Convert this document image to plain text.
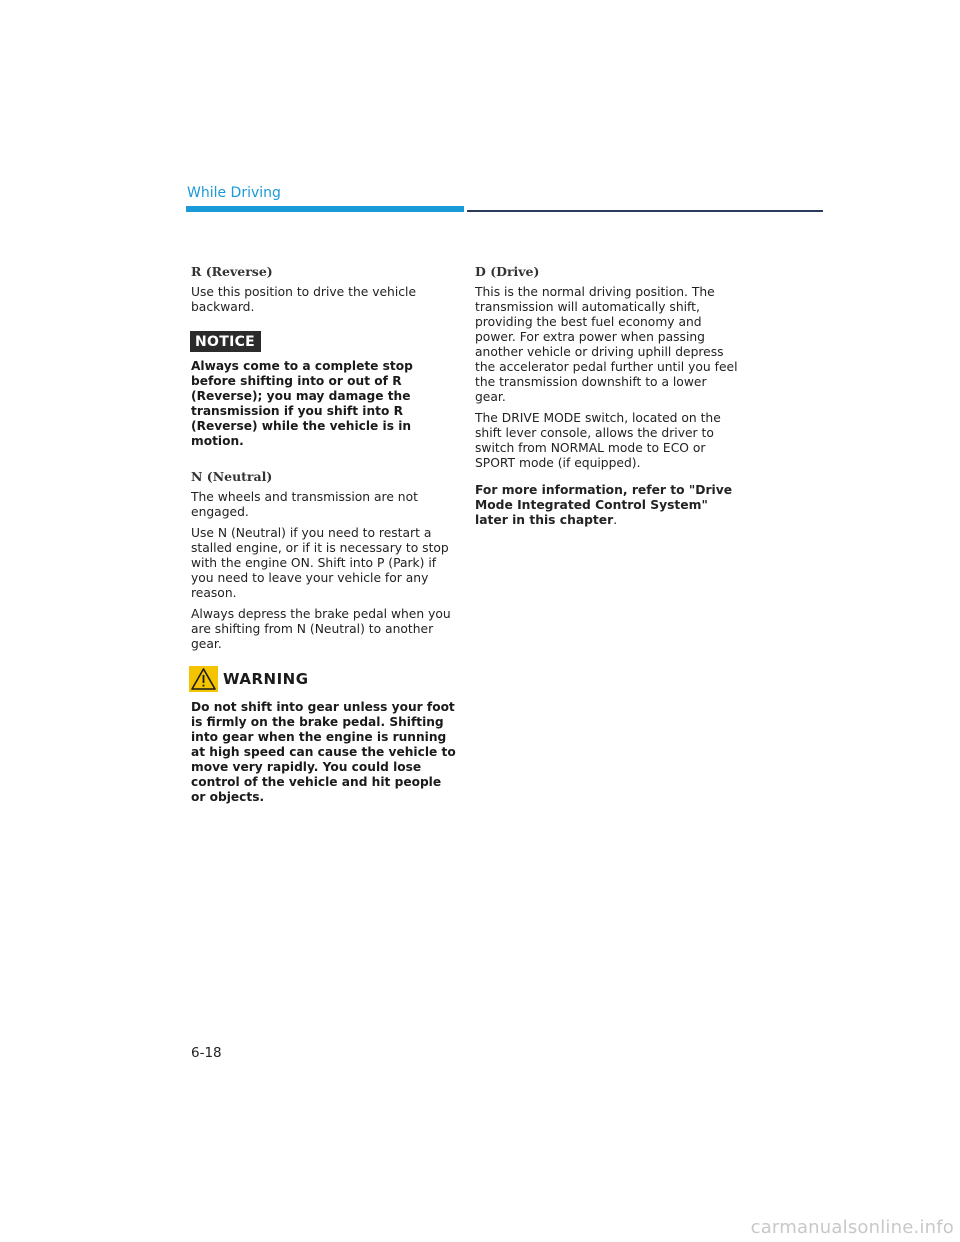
While Driving
R (Reverse)

Use this position to drive the vehicle backward.

NOTICE
Always come to a complete stop before shifting into or out of R (Reverse); you may damage the transmission if you shift into R (Reverse) while the vehicle is in motion.
N (Neutral)

The wheels and transmission are not engaged.

Use N (Neutral) if you need to restart a stalled engine, or if it is necessary to stop with the engine ON. Shift into P (Park) if you need to leave your vehicle for any reason.

Always depress the brake pedal when you are shifting from N (Neutral) to another gear.

WARNING
Do not shift into gear unless your foot is firmly on the brake pedal. Shifting into gear when the engine is running at high speed can cause the vehicle to move very rapidly. You could lose control of the vehicle and hit people or objects.
D (Drive)

This is the normal driving position. The transmission will automatically shift, providing the best fuel economy and power. For extra power when passing another vehicle or driving uphill depress the accelerator pedal further until you feel the transmission downshift to a lower gear.

The DRIVE MODE switch, located on the shift lever console, allows the driver to switch from NORMAL mode to ECO or SPORT mode (if equipped).

For more information, refer to "Drive Mode Integrated Control System" later in this chapter.

6-18
carmanualsonline.info
